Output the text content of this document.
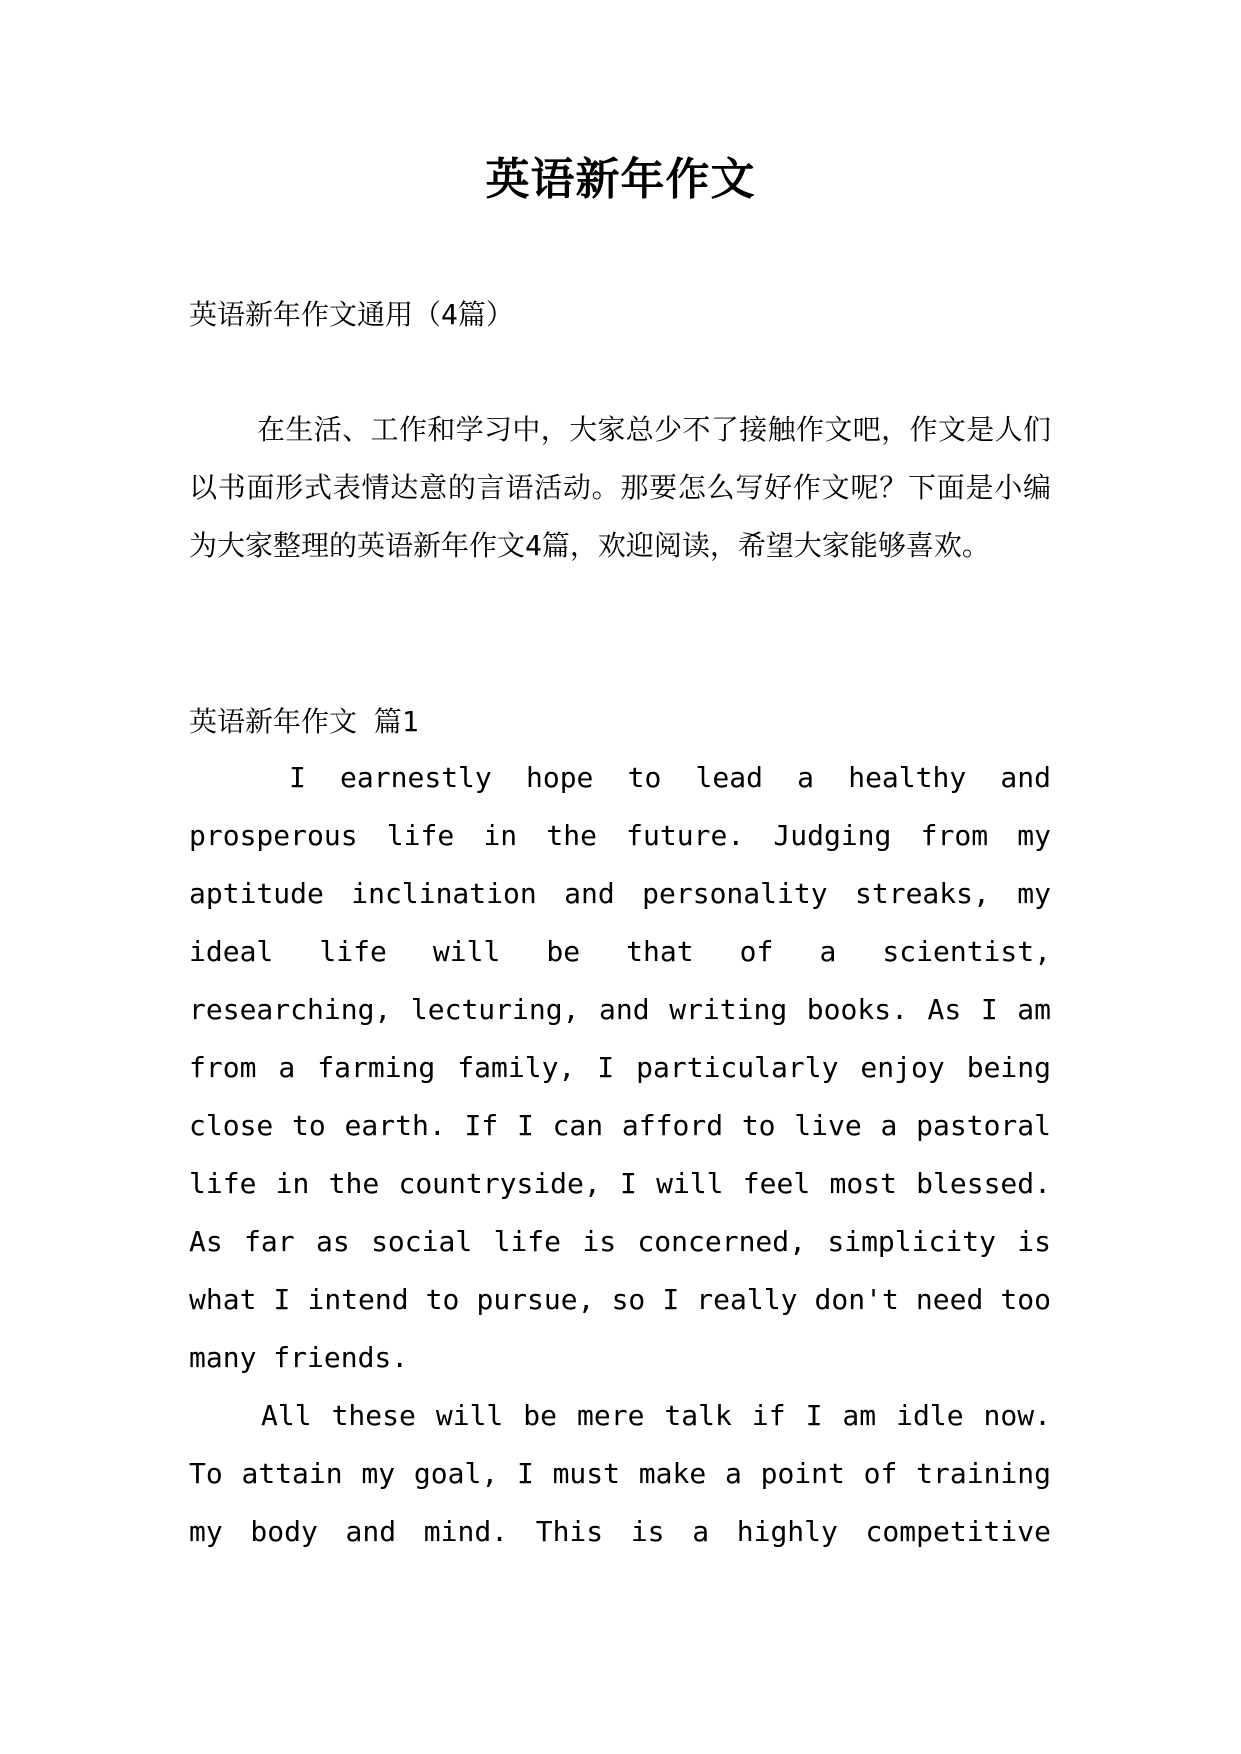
英语新年作文
英语新年作文通用（4篇）
在生活、工作和学习中，大家总少不了接触作文吧，作文是人们以书面形式表情达意的言语活动。那要怎么写好作文呢？下面是小编为大家整理的英语新年作文4篇，欢迎阅读，希望大家能够喜欢。
英语新年作文 篇1

I earnestly hope to lead a healthy and prosperous life in the future. Judging from my aptitude inclination and personality streaks, my ideal life will be that of a scientist, researching, lecturing, and writing books. As I am from a farming family, I particularly enjoy being close to earth. If I can afford to live a pastoral life in the countryside, I will feel most blessed. As far as social life is concerned, simplicity is what I intend to pursue, so I really don't need too many friends.

All these will be mere talk if I am idle now. To attain my goal, I must make a point of training my body and mind. This is a highly competitive
